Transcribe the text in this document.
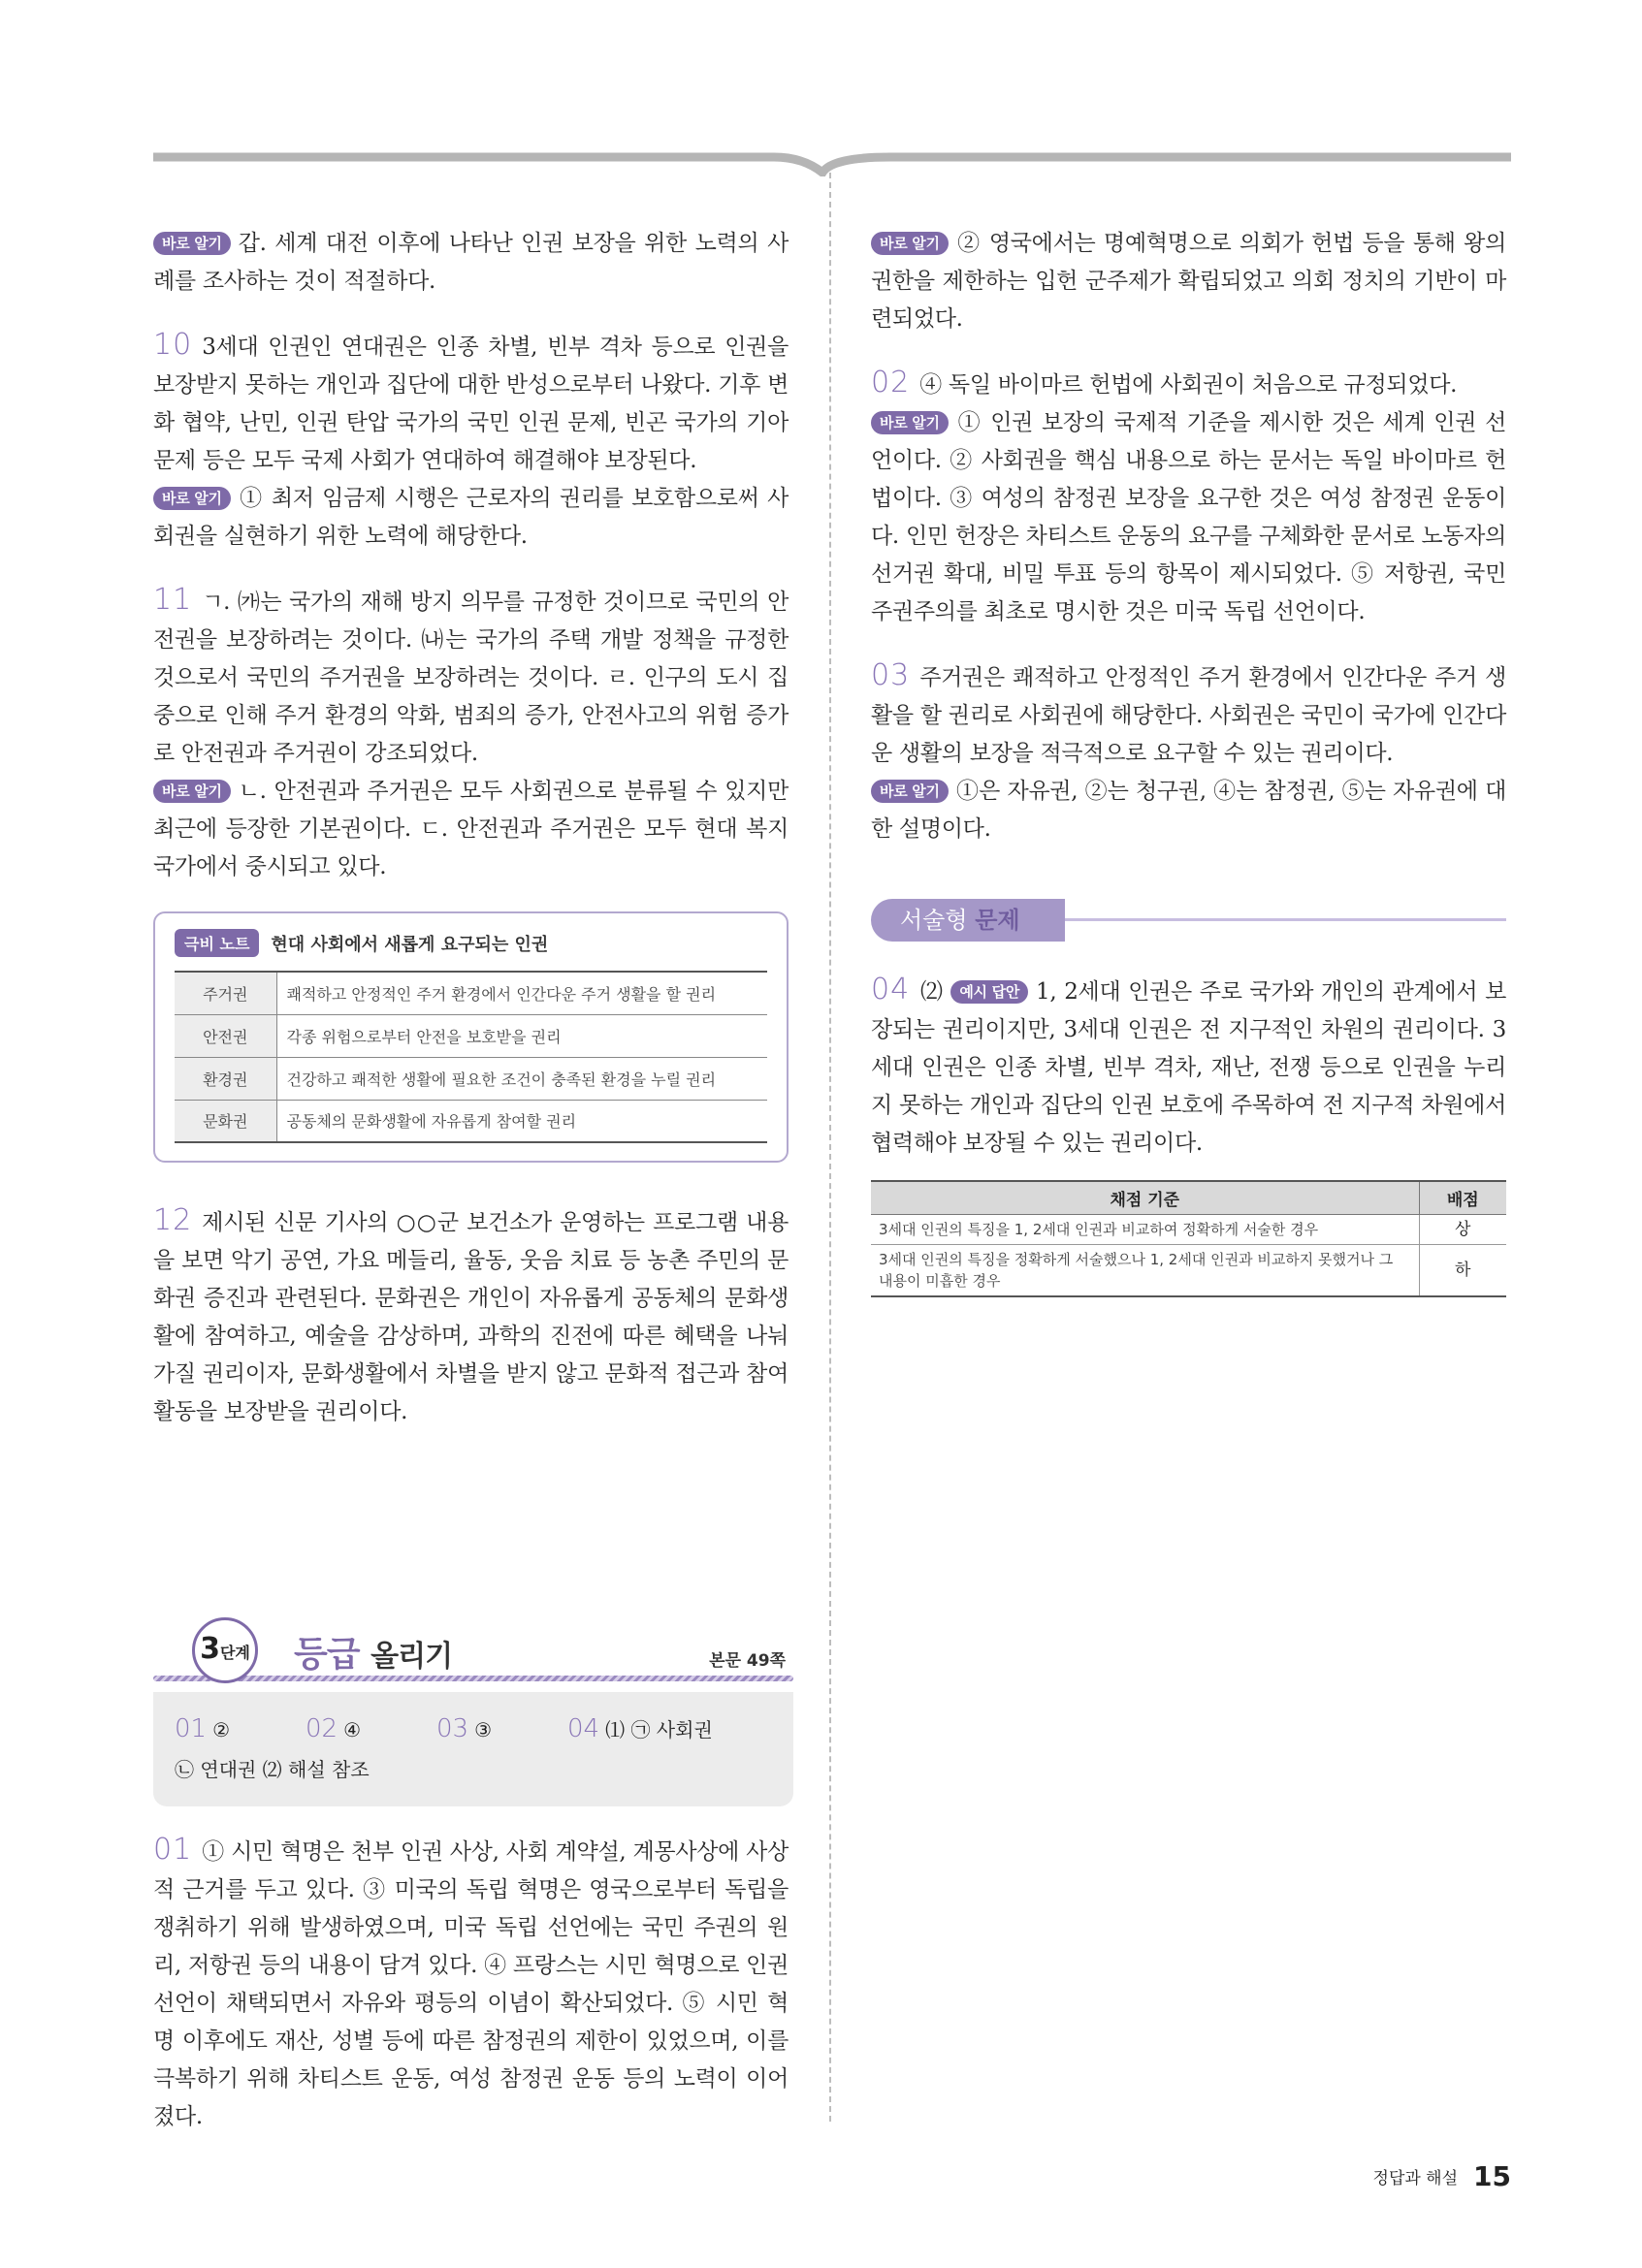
바로 알기 갑. 세계 대전 이후에 나타난 인권 보장을 위한 노력의 사례를 조사하는 것이 적절하다.

10 3세대 인권인 연대권은 인종 차별, 빈부 격차 등으로 인권을 보장받지 못하는 개인과 집단에 대한 반성으로부터 나왔다. 기후 변화 협약, 난민, 인권 탄압 국가의 국민 인권 문제, 빈곤 국가의 기아 문제 등은 모두 국제 사회가 연대하여 해결해야 보장된다.
바로 알기 ① 최저 임금제 시행은 근로자의 권리를 보호함으로써 사회권을 실현하기 위한 노력에 해당한다.

11 ㄱ. ㈎는 국가의 재해 방지 의무를 규정한 것이므로 국민의 안전권을 보장하려는 것이다. ㈏는 국가의 주택 개발 정책을 규정한 것으로서 국민의 주거권을 보장하려는 것이다. ㄹ. 인구의 도시 집중으로 인해 주거 환경의 악화, 범죄의 증가, 안전사고의 위험 증가로 안전권과 주거권이 강조되었다.
바로 알기 ㄴ. 안전권과 주거권은 모두 사회권으로 분류될 수 있지만 최근에 등장한 기본권이다. ㄷ. 안전권과 주거권은 모두 현대 복지 국가에서 중시되고 있다.

극비 노트	현대 사회에서 새롭게 요구되는 인권
주거권	쾌적하고 안정적인 주거 환경에서 인간다운 주거 생활을 할 권리
안전권	각종 위험으로부터 안전을 보호받을 권리
환경권	건강하고 쾌적한 생활에 필요한 조건이 충족된 환경을 누릴 권리
문화권	공동체의 문화생활에 자유롭게 참여할 권리

12 제시된 신문 기사의 ○○군 보건소가 운영하는 프로그램 내용을 보면 악기 공연, 가요 메들리, 율동, 웃음 치료 등 농촌 주민의 문화권 증진과 관련된다. 문화권은 개인이 자유롭게 공동체의 문화생활에 참여하고, 예술을 감상하며, 과학의 진전에 따른 혜택을 나눠 가질 권리이자, 문화생활에서 차별을 받지 않고 문화적 접근과 참여 활동을 보장받을 권리이다.

3단계 등급 올리기	본문 49쪽
01 ②	02 ④	03 ③	04 ⑴ ㉠ 사회권
㉡ 연대권 ⑵ 해설 참조

01 ① 시민 혁명은 천부 인권 사상, 사회 계약설, 계몽사상에 사상적 근거를 두고 있다. ③ 미국의 독립 혁명은 영국으로부터 독립을 쟁취하기 위해 발생하였으며, 미국 독립 선언에는 국민 주권의 원리, 저항권 등의 내용이 담겨 있다. ④ 프랑스는 시민 혁명으로 인권 선언이 채택되면서 자유와 평등의 이념이 확산되었다. ⑤ 시민 혁명 이후에도 재산, 성별 등에 따른 참정권의 제한이 있었으며, 이를 극복하기 위해 차티스트 운동, 여성 참정권 운동 등의 노력이 이어졌다.

바로 알기 ② 영국에서는 명예혁명으로 의회가 헌법 등을 통해 왕의 권한을 제한하는 입헌 군주제가 확립되었고 의회 정치의 기반이 마련되었다.

02 ④ 독일 바이마르 헌법에 사회권이 처음으로 규정되었다.
바로 알기 ① 인권 보장의 국제적 기준을 제시한 것은 세계 인권 선언이다. ② 사회권을 핵심 내용으로 하는 문서는 독일 바이마르 헌법이다. ③ 여성의 참정권 보장을 요구한 것은 여성 참정권 운동이다. 인민 헌장은 차티스트 운동의 요구를 구체화한 문서로 노동자의 선거권 확대, 비밀 투표 등의 항목이 제시되었다. ⑤ 저항권, 국민 주권주의를 최초로 명시한 것은 미국 독립 선언이다.

03 주거권은 쾌적하고 안정적인 주거 환경에서 인간다운 주거 생활을 할 권리로 사회권에 해당한다. 사회권은 국민이 국가에 인간다운 생활의 보장을 적극적으로 요구할 수 있는 권리이다.
바로 알기 ①은 자유권, ②는 청구권, ④는 참정권, ⑤는 자유권에 대한 설명이다.

서술형 문제

04 ⑵ 예시 답안 1, 2세대 인권은 주로 국가와 개인의 관계에서 보장되는 권리이지만, 3세대 인권은 전 지구적인 차원의 권리이다. 3세대 인권은 인종 차별, 빈부 격차, 재난, 전쟁 등으로 인권을 누리지 못하는 개인과 집단의 인권 보호에 주목하여 전 지구적 차원에서 협력해야 보장될 수 있는 권리이다.

채점 기준	배점
3세대 인권의 특징을 1, 2세대 인권과 비교하여 정확하게 서술한 경우	상
3세대 인권의 특징을 정확하게 서술했으나 1, 2세대 인권과 비교하지 못했거나 그 내용이 미흡한 경우	하
정답과 해설 15
